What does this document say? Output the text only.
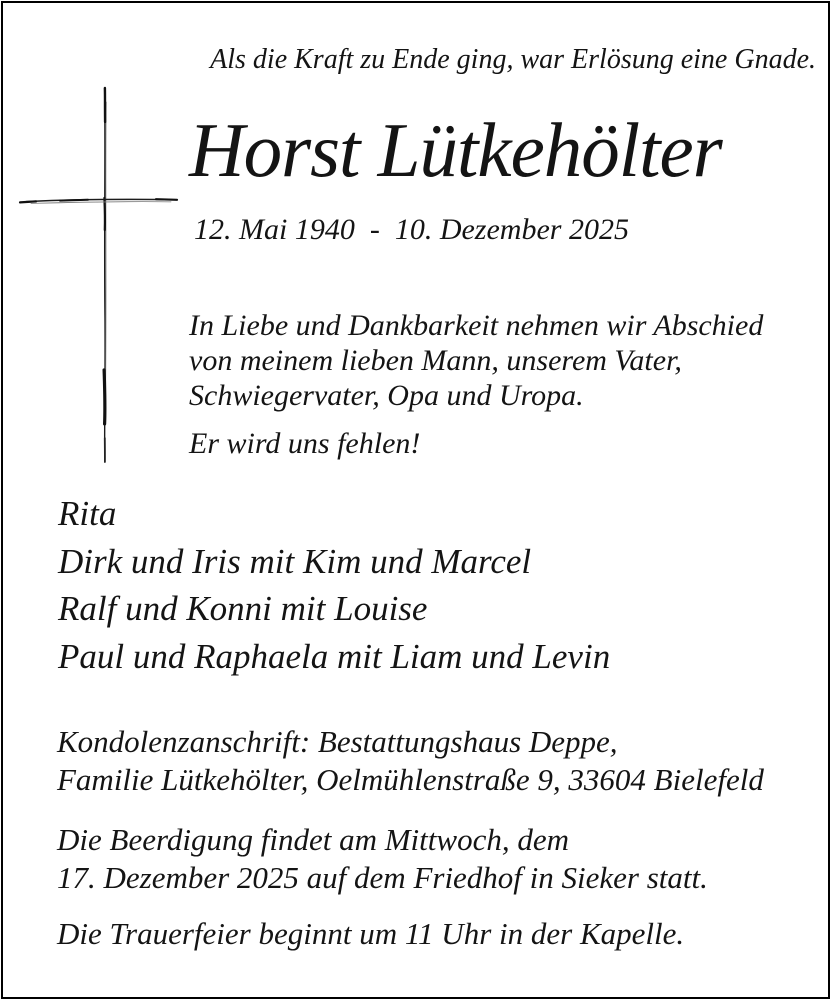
Als die Kraft zu Ende ging, war Erlösung eine Gnade.
Horst Lütkehölter
12. Mai 1940  -  10. Dezember 2025
In Liebe und Dankbarkeit nehmen wir Abschied
von meinem lieben Mann, unserem Vater,
Schwiegervater, Opa und Uropa.
Er wird uns fehlen!
Rita
Dirk und Iris mit Kim und Marcel
Ralf und Konni mit Louise
Paul und Raphaela mit Liam und Levin
Kondolenzanschrift: Bestattungshaus Deppe,
Familie Lütkehölter, Oelmühlenstraße 9, 33604 Bielefeld
Die Beerdigung findet am Mittwoch, dem
17. Dezember 2025 auf dem Friedhof in Sieker statt.
Die Trauerfeier beginnt um 11 Uhr in der Kapelle.
